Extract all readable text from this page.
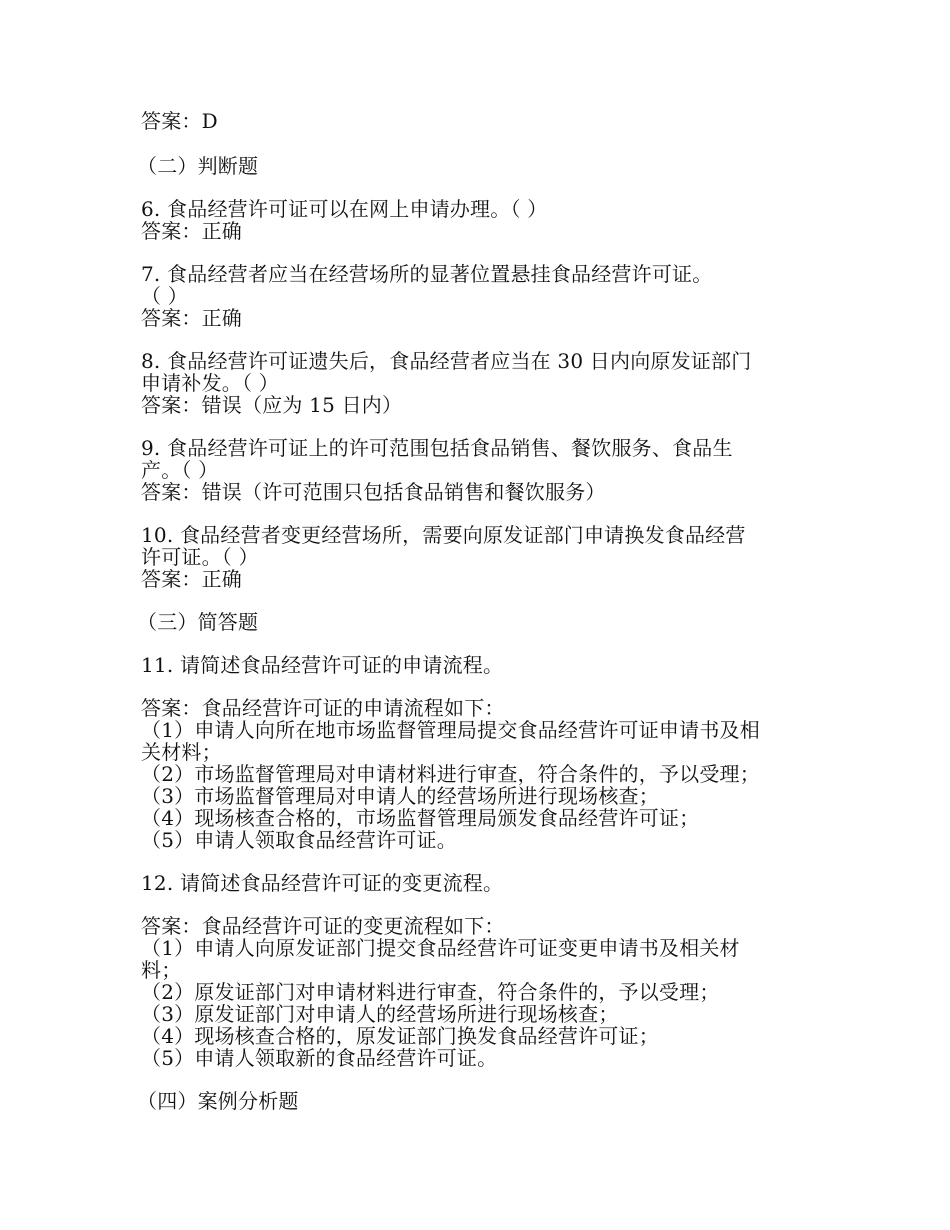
答案：D
（二）判断题
6. 食品经营许可证可以在网上申请办理。（ ）
答案：正确
7. 食品经营者应当在经营场所的显著位置悬挂食品经营许可证。
（ ）
答案：正确
8. 食品经营许可证遗失后，食品经营者应当在 30 日内向原发证部门
申请补发。（ ）
答案：错误（应为 15 日内）
9. 食品经营许可证上的许可范围包括食品销售、餐饮服务、食品生
产。（ ）
答案：错误（许可范围只包括食品销售和餐饮服务）
10. 食品经营者变更经营场所，需要向原发证部门申请换发食品经营
许可证。（ ）
答案：正确
（三）简答题
11. 请简述食品经营许可证的申请流程。
答案：食品经营许可证的申请流程如下：
（1）申请人向所在地市场监督管理局提交食品经营许可证申请书及相
关材料；
（2）市场监督管理局对申请材料进行审查，符合条件的，予以受理；
（3）市场监督管理局对申请人的经营场所进行现场核查；
（4）现场核查合格的，市场监督管理局颁发食品经营许可证；
（5）申请人领取食品经营许可证。
12. 请简述食品经营许可证的变更流程。
答案：食品经营许可证的变更流程如下：
（1）申请人向原发证部门提交食品经营许可证变更申请书及相关材
料；
（2）原发证部门对申请材料进行审查，符合条件的，予以受理；
（3）原发证部门对申请人的经营场所进行现场核查；
（4）现场核查合格的，原发证部门换发食品经营许可证；
（5）申请人领取新的食品经营许可证。
（四）案例分析题
